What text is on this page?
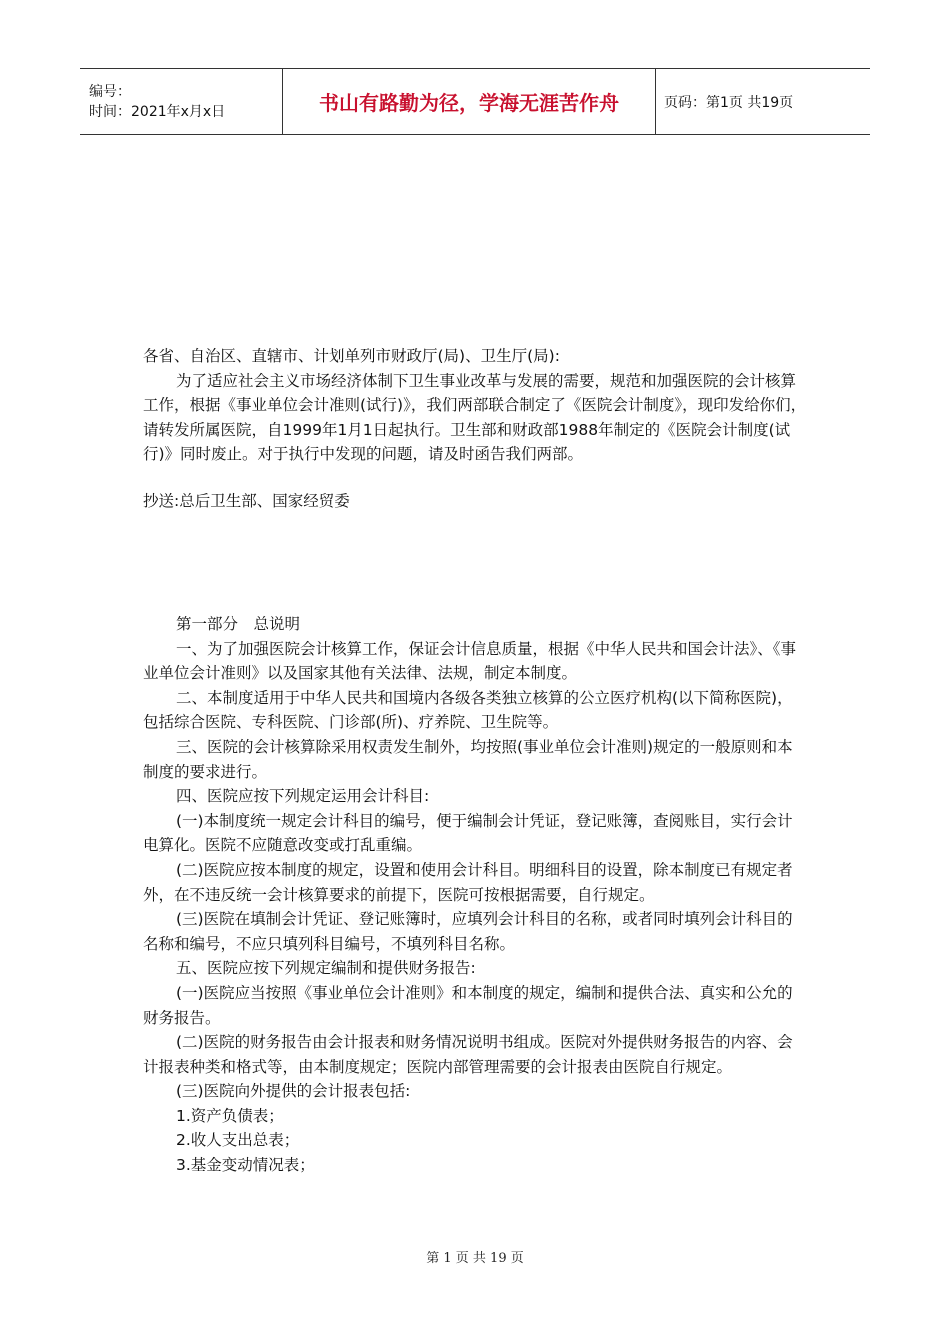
编号：
时间：2021年x月x日	书山有路勤为径，学海无涯苦作舟	页码：第1页 共19页

各省、自治区、直辖市、计划单列市财政厅(局)、卫生厅(局):

为了适应社会主义市场经济体制下卫生事业改革与发展的需要，规范和加强医院的会计核算工作，根据《事业单位会计准则(试行)》，我们两部联合制定了《医院会计制度》，现印发给你们，请转发所属医院，自1999年1月1日起执行。卫生部和财政部1988年制定的《医院会计制度(试行)》同时废止。对于执行中发现的问题，请及时函告我们两部。

抄送:总后卫生部、国家经贸委

第一部分　总说明

一、为了加强医院会计核算工作，保证会计信息质量，根据《中华人民共和国会计法》、《事业单位会计准则》以及国家其他有关法律、法规，制定本制度。

二、本制度适用于中华人民共和国境内各级各类独立核算的公立医疗机构(以下简称医院)，包括综合医院、专科医院、门诊部(所)、疗养院、卫生院等。

三、医院的会计核算除采用权责发生制外，均按照(事业单位会计准则)规定的一般原则和本制度的要求进行。

四、医院应按下列规定运用会计科目:

(一)本制度统一规定会计科目的编号，便于编制会计凭证，登记账簿，查阅账目，实行会计电算化。医院不应随意改变或打乱重编。

(二)医院应按本制度的规定，设置和使用会计科目。明细科目的设置，除本制度已有规定者外，在不违反统一会计核算要求的前提下，医院可按根据需要，自行规定。

(三)医院在填制会计凭证、登记账簿时，应填列会计科目的名称，或者同时填列会计科目的名称和编号，不应只填列科目编号，不填列科目名称。

五、医院应按下列规定编制和提供财务报告:

(一)医院应当按照《事业单位会计准则》和本制度的规定，编制和提供合法、真实和公允的财务报告。

(二)医院的财务报告由会计报表和财务情况说明书组成。医院对外提供财务报告的内容、会计报表种类和格式等，由本制度规定；医院内部管理需要的会计报表由医院自行规定。

(三)医院向外提供的会计报表包括:

1.资产负债表；

2.收人支出总表；

3.基金变动情况表；

第 1 页 共 19 页
